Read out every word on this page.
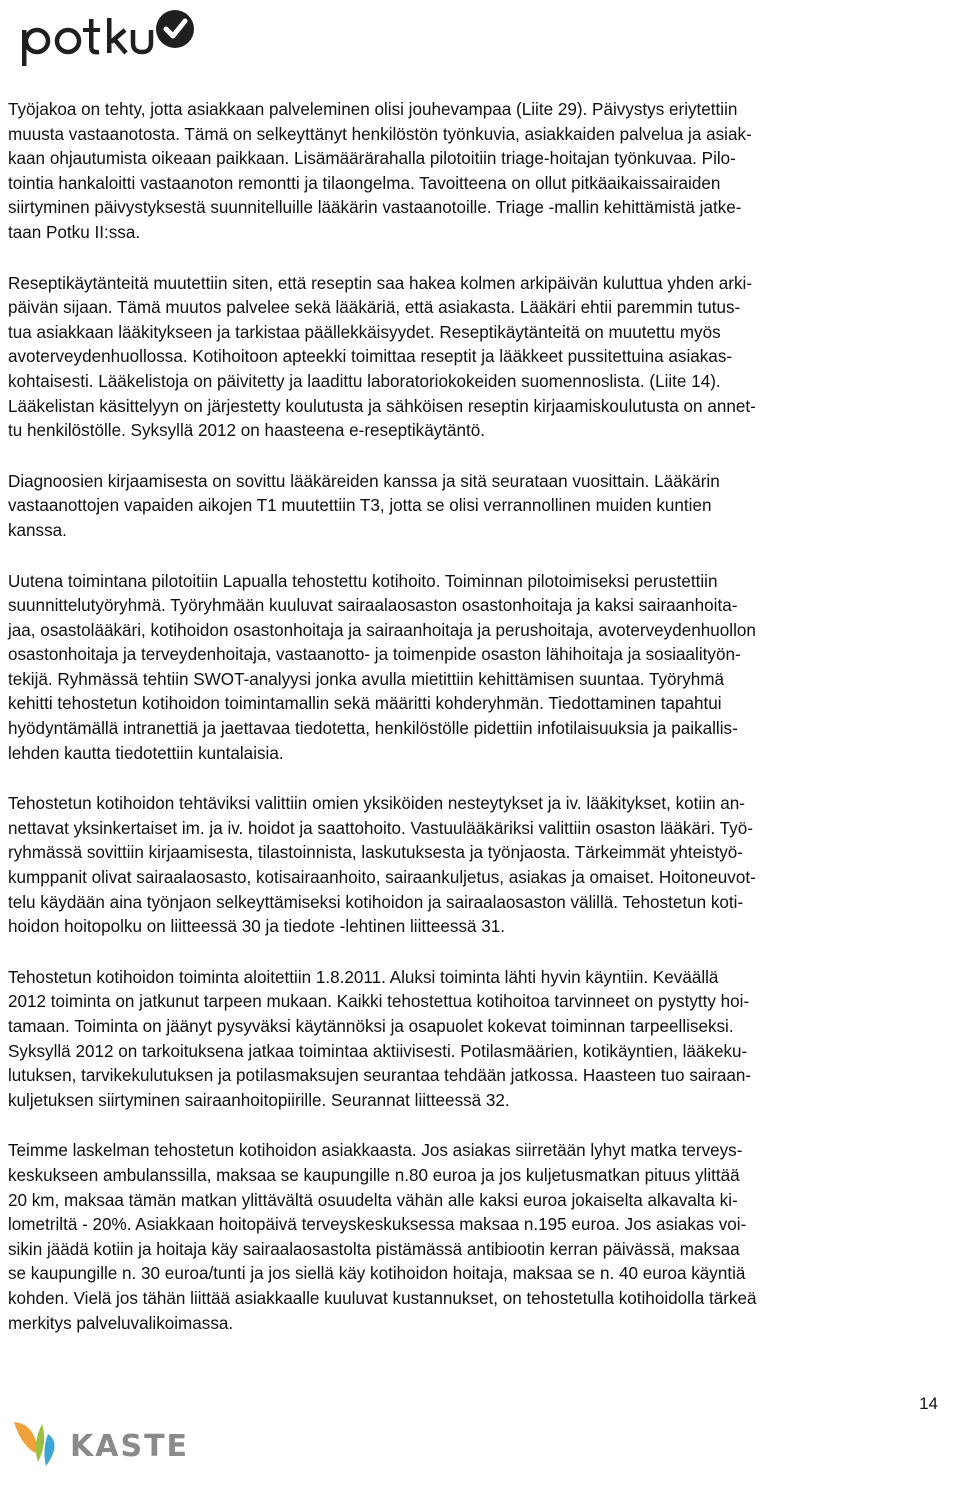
Työjakoa on tehty, jotta asiakkaan palveleminen olisi jouhevampaa (Liite 29). Päivystys eriytettiin
muusta vastaanotosta. Tämä on selkeyttänyt henkilöstön työnkuvia, asiakkaiden palvelua ja asiak-
kaan ohjautumista oikeaan paikkaan. Lisämäärärahalla pilotoitiin triage-hoitajan työnkuvaa. Pilo-
tointia hankaloitti vastaanoton remontti ja tilaongelma. Tavoitteena on ollut pitkäaikaissairaiden
siirtyminen päivystyksestä suunnitelluille lääkärin vastaanotoille. Triage -mallin kehittämistä jatke-
taan Potku II:ssa.

Reseptikäytänteitä muutettiin siten, että reseptin saa hakea kolmen arkipäivän kuluttua yhden arki-
päivän sijaan. Tämä muutos palvelee sekä lääkäriä, että asiakasta. Lääkäri ehtii paremmin tutus-
tua asiakkaan lääkitykseen ja tarkistaa päällekkäisyydet. Reseptikäytänteitä on muutettu myös
avoterveydenhuollossa. Kotihoitoon apteekki toimittaa reseptit ja lääkkeet pussitettuina asiakas-
kohtaisesti. Lääkelistoja on päivitetty ja laadittu laboratoriokokeiden suomennoslista. (Liite 14).
Lääkelistan käsittelyyn on järjestetty koulutusta ja sähköisen reseptin kirjaamiskoulutusta on annet-
tu henkilöstölle. Syksyllä 2012 on haasteena e-reseptikäytäntö.

Diagnoosien kirjaamisesta on sovittu lääkäreiden kanssa ja sitä seurataan vuosittain. Lääkärin
vastaanottojen vapaiden aikojen T1 muutettiin T3, jotta se olisi verrannollinen muiden kuntien
kanssa.

Uutena toimintana pilotoitiin Lapualla tehostettu kotihoito. Toiminnan pilotoimiseksi perustettiin
suunnittelutyöryhmä. Työryhmään kuuluvat sairaalaosaston osastonhoitaja ja kaksi sairaanhoita-
jaa, osastolääkäri, kotihoidon osastonhoitaja ja sairaanhoitaja ja perushoitaja, avoterveydenhuollon
osastonhoitaja ja terveydenhoitaja, vastaanotto- ja toimenpide osaston lähihoitaja ja sosiaalityön-
tekijä. Ryhmässä tehtiin SWOT-analyysi jonka avulla mietittiin kehittämisen suuntaa. Työryhmä
kehitti tehostetun kotihoidon toimintamallin sekä määritti kohderyhmän. Tiedottaminen tapahtui
hyödyntämällä intranettiä ja jaettavaa tiedotetta, henkilöstölle pidettiin infotilaisuuksia ja paikallis-
lehden kautta tiedotettiin kuntalaisia.

Tehostetun kotihoidon tehtäviksi valittiin omien yksiköiden nesteytykset ja iv. lääkitykset, kotiin an-
nettavat yksinkertaiset im. ja iv. hoidot ja saattohoito. Vastuulääkäriksi valittiin osaston lääkäri. Työ-
ryhmässä sovittiin kirjaamisesta, tilastoinnista, laskutuksesta ja työnjaosta. Tärkeimmät yhteistyö-
kumppanit olivat sairaalaosasto, kotisairaanhoito, sairaankuljetus, asiakas ja omaiset. Hoitoneuvot-
telu käydään aina työnjaon selkeyttämiseksi kotihoidon ja sairaalaosaston välillä. Tehostetun koti-
hoidon hoitopolku on liitteessä 30 ja tiedote -lehtinen liitteessä 31.

Tehostetun kotihoidon toiminta aloitettiin 1.8.2011. Aluksi toiminta lähti hyvin käyntiin. Keväällä
2012 toiminta on jatkunut tarpeen mukaan. Kaikki tehostettua kotihoitoa tarvinneet on pystytty hoi-
tamaan. Toiminta on jäänyt pysyväksi käytännöksi ja osapuolet kokevat toiminnan tarpeelliseksi.
Syksyllä 2012 on tarkoituksena jatkaa toimintaa aktiivisesti. Potilasmäärien, kotikäyntien, lääkeku-
lutuksen, tarvikekulutuksen ja potilasmaksujen seurantaa tehdään jatkossa. Haasteen tuo sairaan-
kuljetuksen siirtyminen sairaanhoitopiirille. Seurannat liitteessä 32.

Teimme laskelman tehostetun kotihoidon asiakkaasta. Jos asiakas siirretään lyhyt matka terveys-
keskukseen ambulanssilla, maksaa se kaupungille n.80 euroa ja jos kuljetusmatkan pituus ylittää
20 km, maksaa tämän matkan ylittävältä osuudelta vähän alle kaksi euroa jokaiselta alkavalta ki-
lometriltä - 20%. Asiakkaan hoitopäivä terveyskeskuksessa maksaa n.195 euroa. Jos asiakas voi-
sikin jäädä kotiin ja hoitaja käy sairaalaosastolta pistämässä antibiootin kerran päivässä, maksaa
se kaupungille n. 30 euroa/tunti ja jos siellä käy kotihoidon hoitaja, maksaa se n. 40 euroa käyntiä
kohden. Vielä jos tähän liittää asiakkaalle kuuluvat kustannukset, on tehostetulla kotihoidolla tärkeä
merkitys palveluvalikoimassa.

14
KASTE
